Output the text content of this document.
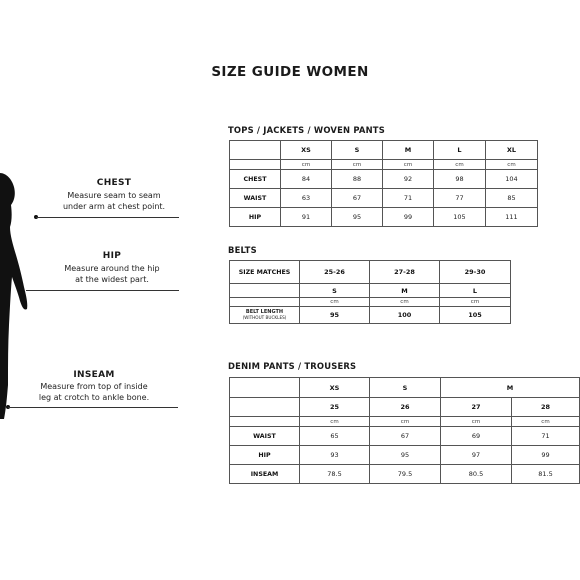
SIZE GUIDE WOMEN
CHEST
Measure seam to seam
under arm at chest point.
HIP
Measure around the hip
at the widest part.
INSEAM
Measure from top of inside
leg at crotch to ankle bone.
TOPS / JACKETS / WOVEN PANTS
	XS	S	M	L	XL
	cm	cm	cm	cm	cm
CHEST	84	88	92	98	104
WAIST	63	67	71	77	85
HIP	91	95	99	105	111
BELTS
SIZE MATCHES	25-26	27-28	29-30
	S	M	L
	cm	cm	cm
BELT LENGTH
(WITHOUT BUCKLES)	95	100	105
DENIM PANTS / TROUSERS
	XS	S	M	
	25	26	27	28
	cm	cm	cm	cm
WAIST	65	67	69	71
HIP	93	95	97	99
INSEAM	78.5	79.5	80.5	81.5
